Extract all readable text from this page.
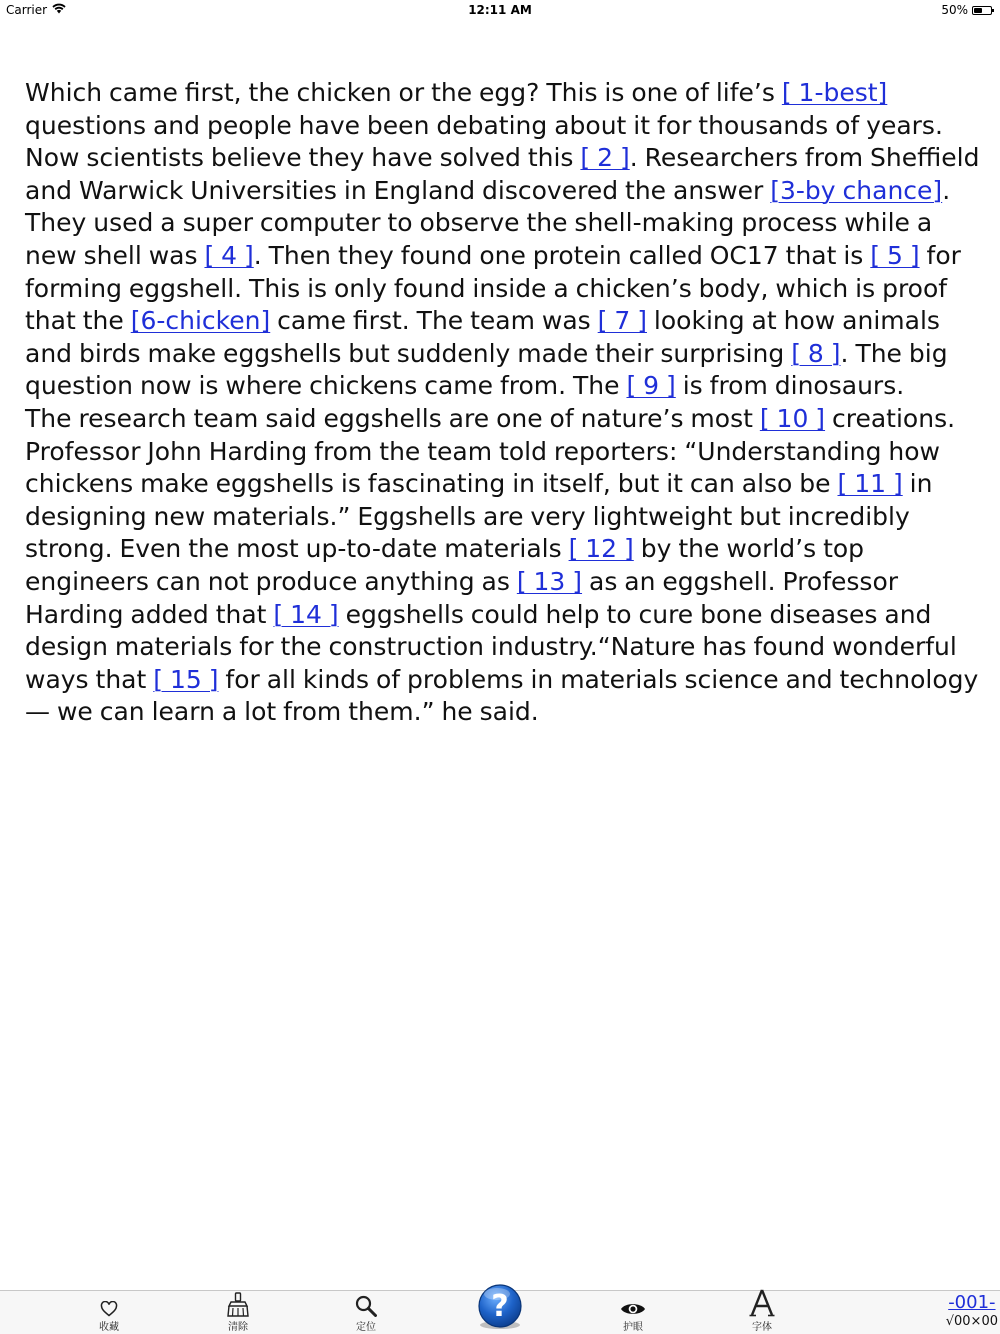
Carrier	12:11 AM	50%

Which came first, the chicken or the egg? This is one of life’s [ 1-best] questions and people have been debating about it for thousands of years. Now scientists believe they have solved this [ 2 ]. Researchers from Sheffield and Warwick Universities in England discovered the answer [3-by chance]. They used a super computer to observe the shell-making process while a new shell was [ 4 ]. Then they found one protein called OC17 that is [ 5 ] for forming eggshell. This is only found inside a chicken’s body, which is proof that the [6-chicken] came first. The team was [ 7 ] looking at how animals and birds make eggshells but suddenly made their surprising [ 8 ]. The big question now is where chickens came from. The [ 9 ] is from dinosaurs.

The research team said eggshells are one of nature’s most [ 10 ] creations. Professor John Harding from the team told reporters: “Understanding how chickens make eggshells is fascinating in itself, but it can also be [ 11 ] in designing new materials.” Eggshells are very lightweight but incredibly strong. Even the most up-to-date materials [ 12 ] by the world’s top engineers can not produce anything as [ 13 ] as an eggshell. Professor Harding added that [ 14 ] eggshells could help to cure bone diseases and design materials for the construction industry.“Nature has found wonderful ways that [ 15 ] for all kinds of problems in materials science and technology — we can learn a lot from them.” he said.

收藏	清除	定位
?
护眼	字体
-001-
√00×00
